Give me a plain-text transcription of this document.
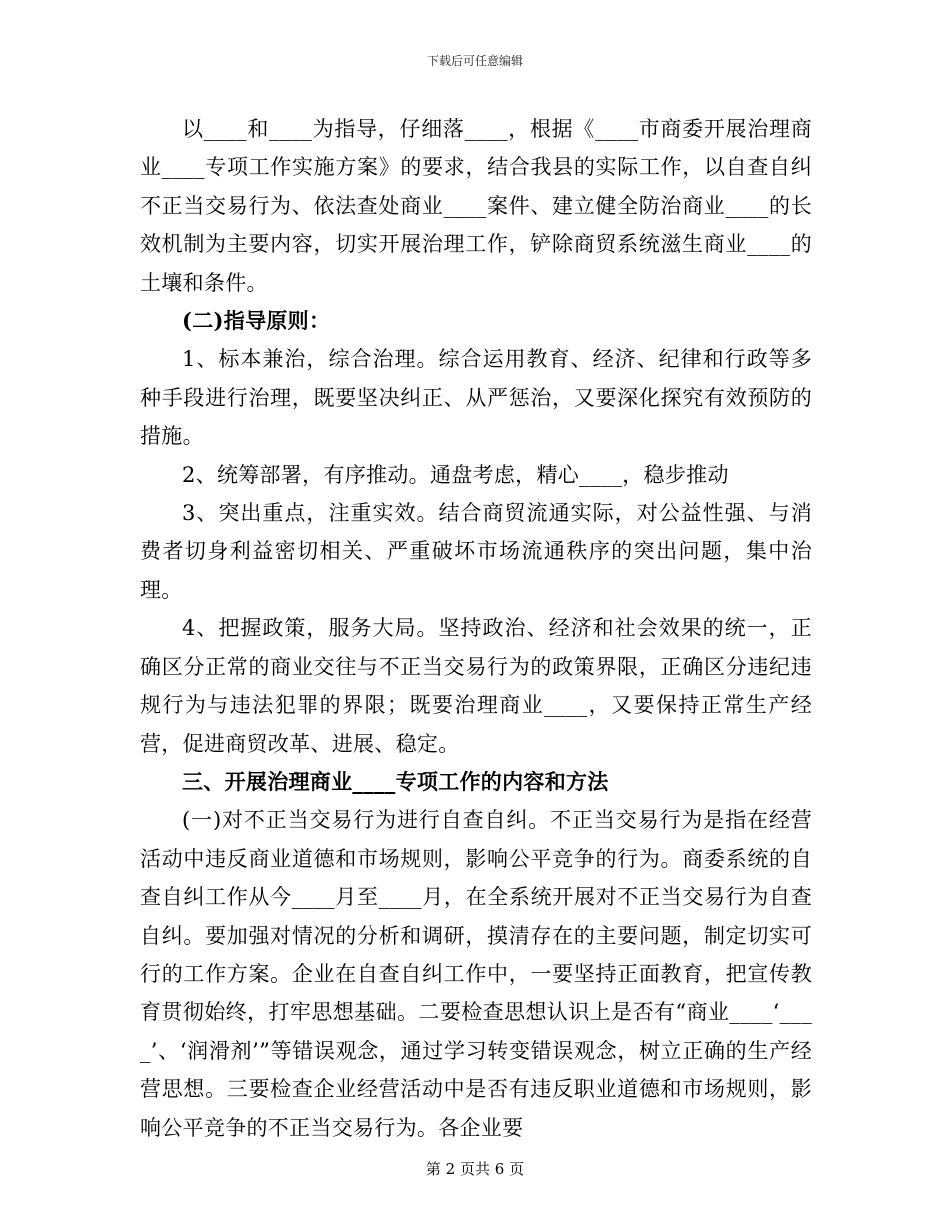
下载后可任意编辑

以____和____为指导，仔细落____，根据《____市商委开展治理商业____专项工作实施方案》的要求，结合我县的实际工作，以自查自纠不正当交易行为、依法查处商业____案件、建立健全防治商业____的长效机制为主要内容，切实开展治理工作，铲除商贸系统滋生商业____的土壤和条件。

(二)指导原则：

1、标本兼治，综合治理。综合运用教育、经济、纪律和行政等多种手段进行治理，既要坚决纠正、从严惩治，又要深化探究有效预防的措施。

2、统筹部署，有序推动。通盘考虑，精心____，稳步推动

3、突出重点，注重实效。结合商贸流通实际，对公益性强、与消费者切身利益密切相关、严重破坏市场流通秩序的突出问题，集中治理。

4、把握政策，服务大局。坚持政治、经济和社会效果的统一，正确区分正常的商业交往与不正当交易行为的政策界限，正确区分违纪违规行为与违法犯罪的界限；既要治理商业____，又要保持正常生产经营，促进商贸改革、进展、稳定。

三、开展治理商业____专项工作的内容和方法

(一)对不正当交易行为进行自查自纠。不正当交易行为是指在经营活动中违反商业道德和市场规则，影响公平竞争的行为。商委系统的自查自纠工作从今____月至____月，在全系统开展对不正当交易行为自查自纠。要加强对情况的分析和调研，摸清存在的主要问题，制定切实可行的工作方案。企业在自查自纠工作中，一要坚持正面教育，把宣传教育贯彻始终，打牢思想基础。二要检查思想认识上是否有“商业____‘____’、‘润滑剂’”等错误观念，通过学习转变错误观念，树立正确的生产经营思想。三要检查企业经营活动中是否有违反职业道德和市场规则，影响公平竞争的不正当交易行为。各企业要

第 2 页共 6 页
